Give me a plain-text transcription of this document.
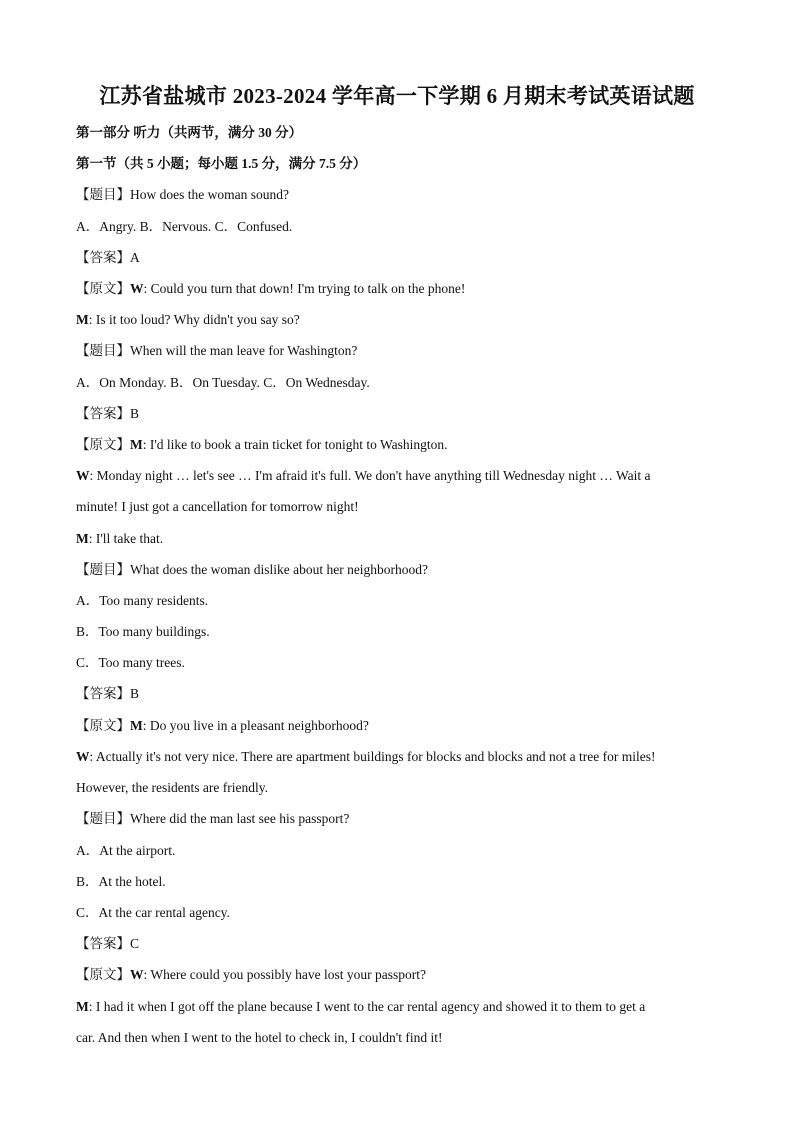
江苏省盐城市 2023-2024 学年高一下学期 6 月期末考试英语试题
第一部分 听力（共两节，满分 30 分）
第一节（共 5 小题；每小题 1.5 分，满分 7.5 分）
【题目】How does the woman sound?
A．Angry. B．Nervous. C．Confused.
【答案】A
【原文】W: Could you turn that down! I'm trying to talk on the phone!
M: Is it too loud? Why didn't you say so?
【题目】When will the man leave for Washington?
A．On Monday. B．On Tuesday. C．On Wednesday.
【答案】B
【原文】M: I'd like to book a train ticket for tonight to Washington.
W: Monday night … let's see … I'm afraid it's full. We don't have anything till Wednesday night … Wait a
minute! I just got a cancellation for tomorrow night!
M: I'll take that.
【题目】What does the woman dislike about her neighborhood?
A．Too many residents.
B．Too many buildings.
C．Too many trees.
【答案】B
【原文】M: Do you live in a pleasant neighborhood?
W: Actually it's not very nice. There are apartment buildings for blocks and blocks and not a tree for miles!
However, the residents are friendly.
【题目】Where did the man last see his passport?
A．At the airport.
B．At the hotel.
C．At the car rental agency.
【答案】C
【原文】W: Where could you possibly have lost your passport?
M: I had it when I got off the plane because I went to the car rental agency and showed it to them to get a
car. And then when I went to the hotel to check in, I couldn't find it!
